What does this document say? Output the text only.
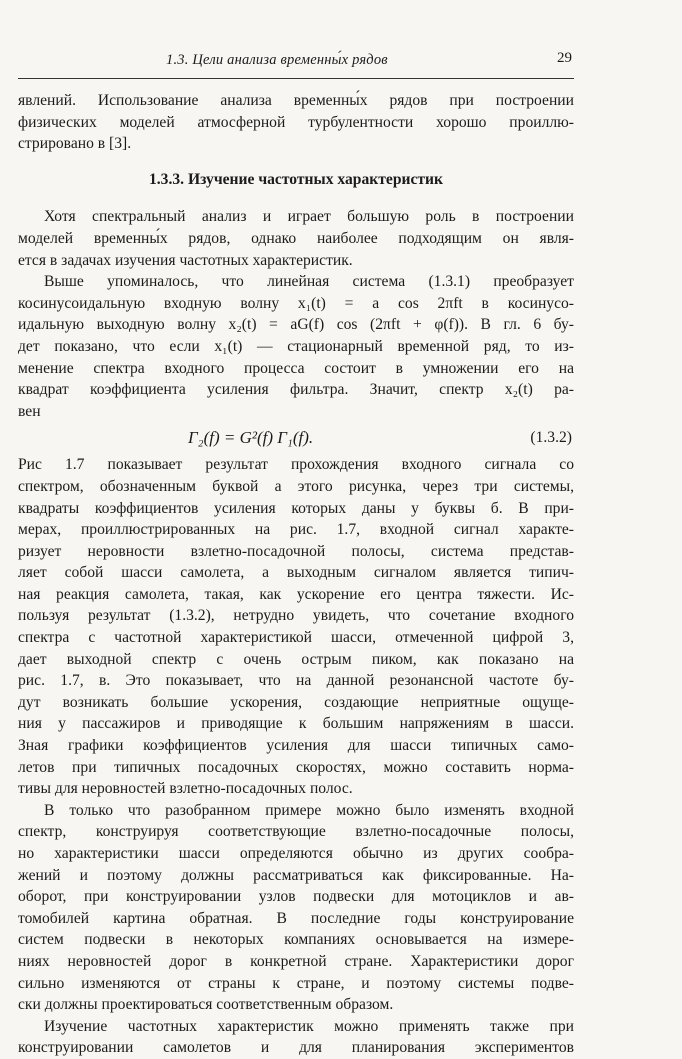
1.3. Цели анализа временны́х рядов	29

явлений. Использование анализа временны́х рядов при построении

физических моделей атмосферной турбулентности хорошо проиллю-

стрировано в [3].

1.3.3. Изучение частотных характеристик

Хотя спектральный анализ и играет большую роль в построении

моделей временны́х рядов, однако наиболее подходящим он явля-

ется в задачах изучения частотных характеристик.

Выше упоминалось, что линейная система (1.3.1) преобразует

косинусоидальную входную волну x₁(t) = a cos 2πft в косинусо-

идальную выходную волну x₂(t) = aG(f) cos (2πft + φ(f)). В гл. 6 бу-

дет показано, что если x₁(t) — стационарный временной ряд, то из-

менение спектра входного процесса состоит в умножении его на

квадрат коэффициента усиления фильтра. Значит, спектр x₂(t) ра-

вен

Γ₂(f) = G²(f) Γ₁(f).	(1.3.2)

Рис 1.7 показывает результат прохождения входного сигнала со

спектром, обозначенным буквой а этого рисунка, через три системы,

квадраты коэффициентов усиления которых даны у буквы б. В при-

мерах, проиллюстрированных на рис. 1.7, входной сигнал характе-

ризует неровности взлетно-посадочной полосы, система представ-

ляет собой шасси самолета, а выходным сигналом является типич-

ная реакция самолета, такая, как ускорение его центра тяжести. Ис-

пользуя результат (1.3.2), нетрудно увидеть, что сочетание входного

спектра с частотной характеристикой шасси, отмеченной цифрой 3,

дает выходной спектр с очень острым пиком, как показано на

рис. 1.7, в. Это показывает, что на данной резонансной частоте бу-

дут возникать большие ускорения, создающие неприятные ощуще-

ния у пассажиров и приводящие к большим напряжениям в шасси.

Зная графики коэффициентов усиления для шасси типичных само-

летов при типичных посадочных скоростях, можно составить норма-

тивы для неровностей взлетно-посадочных полос.

В только что разобранном примере можно было изменять входной

спектр, конструируя соответствующие взлетно-посадочные полосы,

но характеристики шасси определяются обычно из других сообра-

жений и поэтому должны рассматриваться как фиксированные. На-

оборот, при конструировании узлов подвески для мотоциклов и ав-

томобилей картина обратная. В последние годы конструирование

систем подвески в некоторых компаниях основывается на измере-

ниях неровностей дорог в конкретной стране. Характеристики дорог

сильно изменяются от страны к стране, и поэтому системы подве-

ски должны проектироваться соответственным образом.

Изучение частотных характеристик можно применять также при

конструировании самолетов и для планирования экспериментов
